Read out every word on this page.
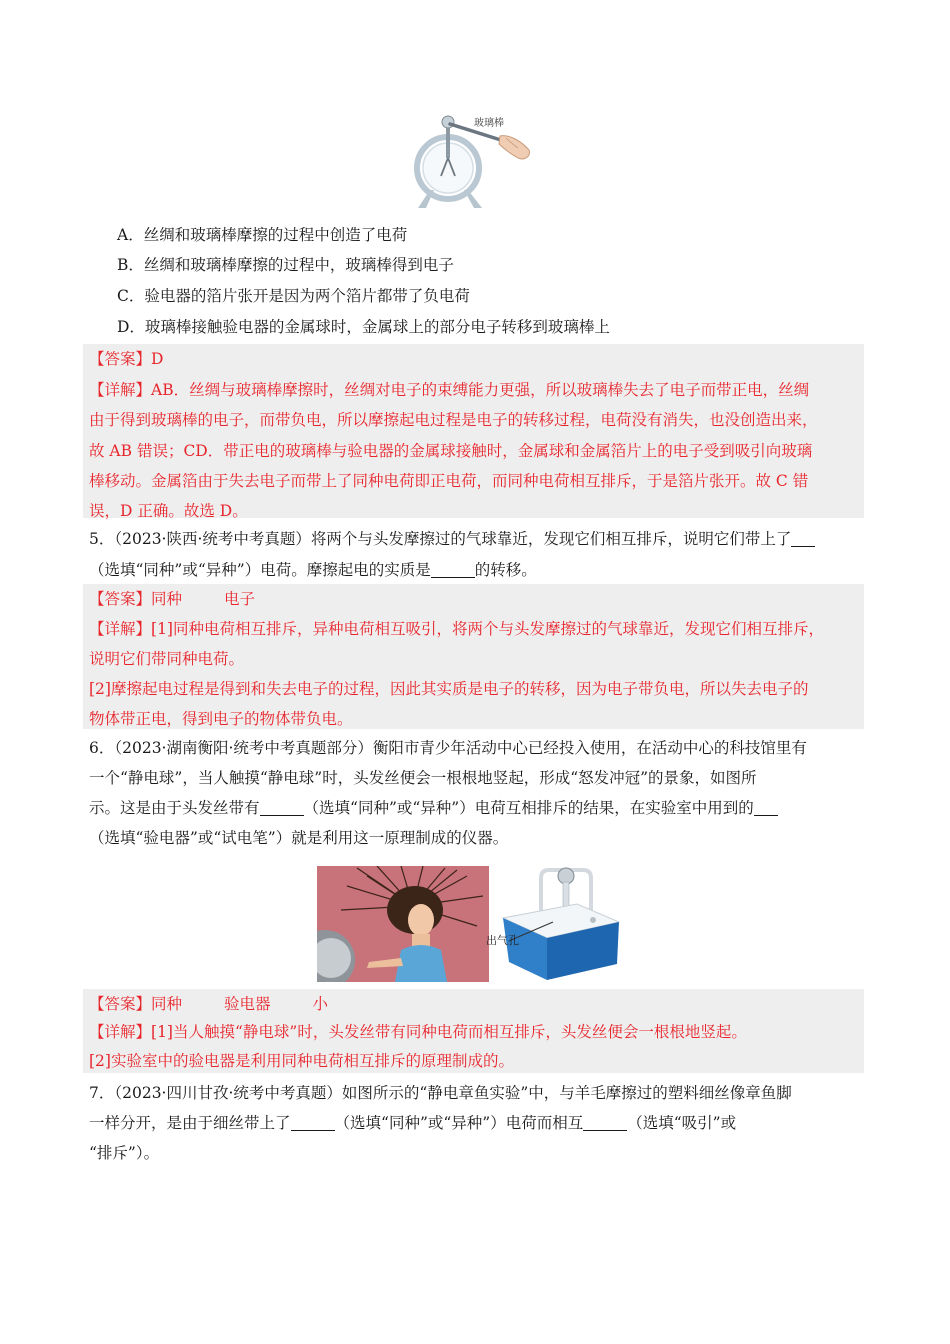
玻璃棒
A．丝绸和玻璃棒摩擦的过程中创造了电荷
B．丝绸和玻璃棒摩擦的过程中，玻璃棒得到电子
C．验电器的箔片张开是因为两个箔片都带了负电荷
D．玻璃棒接触验电器的金属球时，金属球上的部分电子转移到玻璃棒上
【答案】D
【详解】AB．丝绸与玻璃棒摩擦时，丝绸对电子的束缚能力更强，所以玻璃棒失去了电子而带正电，丝绸
由于得到玻璃棒的电子，而带负电，所以摩擦起电过程是电子的转移过程，电荷没有消失，也没创造出来，
故 AB 错误；CD．带正电的玻璃棒与验电器的金属球接触时，金属球和金属箔片上的电子受到吸引向玻璃
棒移动。金属箔由于失去电子而带上了同种电荷即正电荷，而同种电荷相互排斥，于是箔片张开。故 C 错
误，D 正确。故选 D。
5．（2023·陕西·统考中考真题）将两个与头发摩擦过的气球靠近，发现它们相互排斥，说明它们带上了
（选填“同种”或“异种”）电荷。摩擦起电的实质是	的转移。
【答案】同种	电子
【详解】[1]同种电荷相互排斥，异种电荷相互吸引，将两个与头发摩擦过的气球靠近，发现它们相互排斥，
说明它们带同种电荷。
[2]摩擦起电过程是得到和失去电子的过程，因此其实质是电子的转移，因为电子带负电，所以失去电子的
物体带正电，得到电子的物体带负电。
6．（2023·湖南衡阳·统考中考真题部分）衡阳市青少年活动中心已经投入使用，在活动中心的科技馆里有
一个“静电球”，当人触摸“静电球”时，头发丝便会一根根地竖起，形成“怒发冲冠”的景象，如图所
示。这是由于头发丝带有	（选填“同种”或“异种”）电荷互相排斥的结果，在实验室中用到的
（选填“验电器”或“试电笔”）就是利用这一原理制成的仪器。
出气孔
【答案】同种	验电器	小
【详解】[1]当人触摸“静电球”时，头发丝带有同种电荷而相互排斥，头发丝便会一根根地竖起。
[2]实验室中的验电器是利用同种电荷相互排斥的原理制成的。
7．（2023·四川甘孜·统考中考真题）如图所示的“静电章鱼实验”中，与羊毛摩擦过的塑料细丝像章鱼脚
一样分开，是由于细丝带上了	（选填“同种”或“异种”）电荷而相互	（选填“吸引”或
“排斥”）。
